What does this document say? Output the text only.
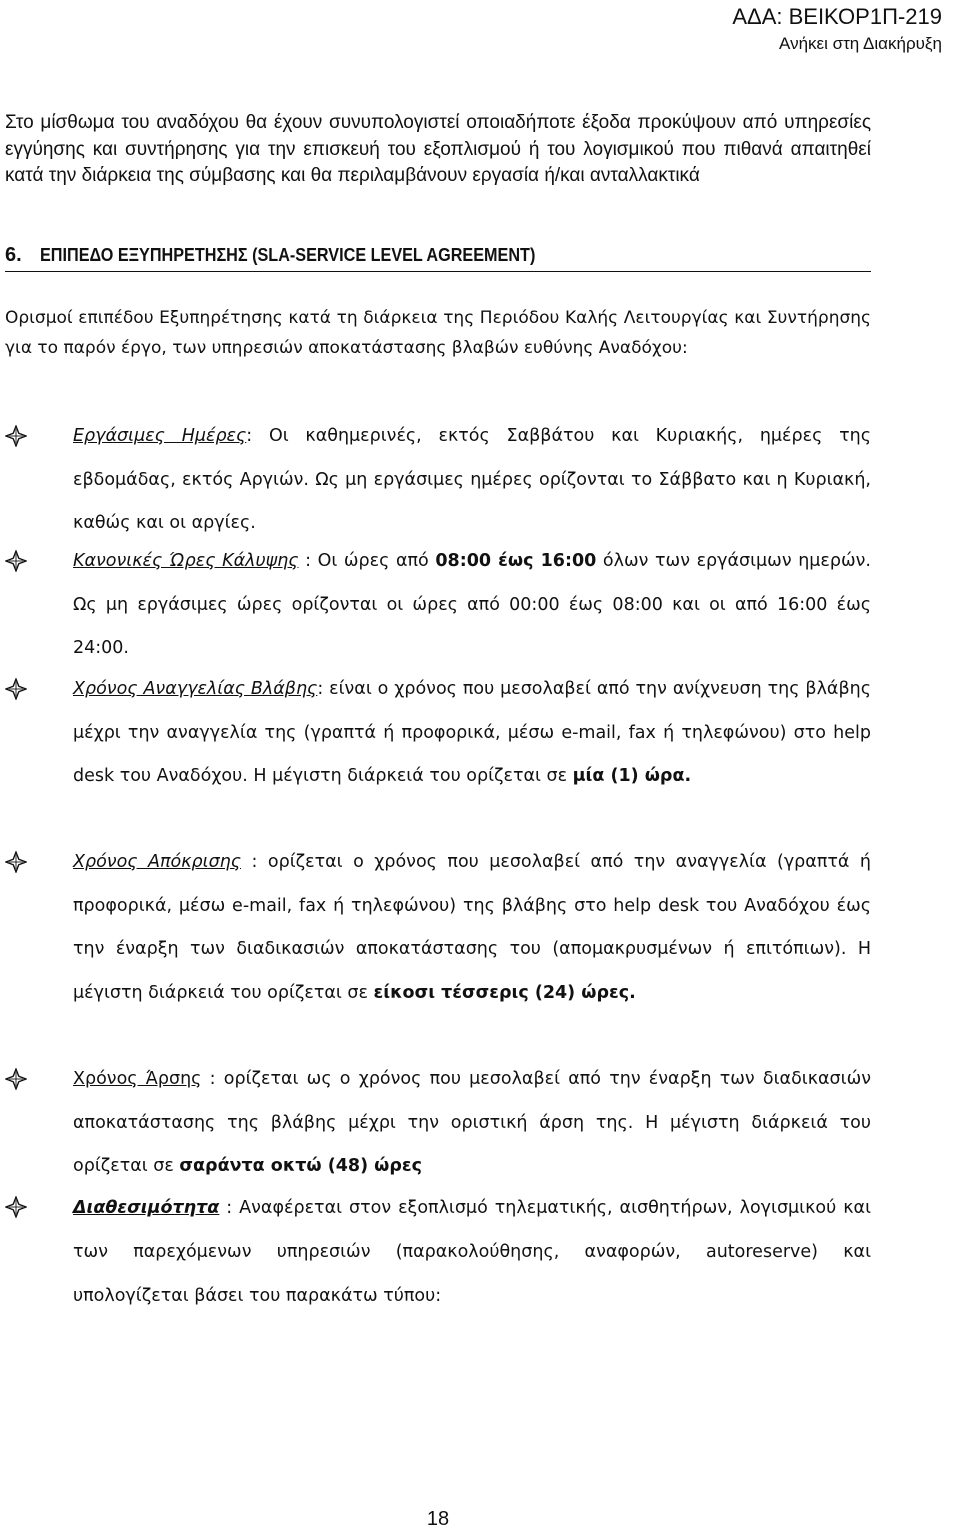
ΑΔΑ: ΒΕΙΚΟΡ1Π-219
Ανήκει στη Διακήρυξη
Στο μίσθωμα του αναδόχου θα έχουν συνυπολογιστεί οποιαδήποτε έξοδα προκύψουν από υπηρεσίες εγγύησης και συντήρησης για την επισκευή του εξοπλισμού ή του λογισμικού που πιθανά απαιτηθεί κατά την διάρκεια της σύμβασης και θα περιλαμβάνουν εργασία ή/και ανταλλακτικά
6. ΕΠΙΠΕΔΟ ΕΞΥΠΗΡΕΤΗΣΗΣ (SLA-SERVICE LEVEL AGREEMENT)
Ορισμοί επιπέδου Εξυπηρέτησης κατά τη διάρκεια της Περιόδου Καλής Λειτουργίας και Συντήρησης για το παρόν έργο, των υπηρεσιών αποκατάστασης βλαβών ευθύνης Αναδόχου:
Εργάσιμες Ημέρες: Οι καθημερινές, εκτός Σαββάτου και Κυριακής, ημέρες της εβδομάδας, εκτός Αργιών. Ως μη εργάσιμες ημέρες ορίζονται το Σάββατο και η Κυριακή, καθώς και οι αργίες.
Κανονικές Ώρες Κάλυψης : Οι ώρες από 08:00 έως 16:00 όλων των εργάσιμων ημερών. Ως μη εργάσιμες ώρες ορίζονται οι ώρες από 00:00 έως 08:00 και οι από 16:00 έως 24:00.
Χρόνος Αναγγελίας Βλάβης: είναι ο χρόνος που μεσολαβεί από την ανίχνευση της βλάβης μέχρι την αναγγελία της (γραπτά ή προφορικά, μέσω e-mail, fax ή τηλεφώνου) στο help desk του Αναδόχου. Η μέγιστη διάρκειά του ορίζεται σε μία (1) ώρα.
Χρόνος Απόκρισης : ορίζεται ο χρόνος που μεσολαβεί από την αναγγελία (γραπτά ή προφορικά, μέσω e-mail, fax ή τηλεφώνου) της βλάβης στο help desk του Αναδόχου έως την έναρξη των διαδικασιών αποκατάστασης του (απομακρυσμένων ή επιτόπιων). Η μέγιστη διάρκειά του ορίζεται σε είκοσι τέσσερις (24) ώρες.
Χρόνος Άρσης : ορίζεται ως ο χρόνος που μεσολαβεί από την έναρξη των διαδικασιών αποκατάστασης της βλάβης μέχρι την οριστική άρση της. Η μέγιστη διάρκειά του ορίζεται σε σαράντα οκτώ (48) ώρες
Διαθεσιμότητα : Αναφέρεται στον εξοπλισμό τηλεματικής, αισθητήρων, λογισμικού και των παρεχόμενων υπηρεσιών (παρακολούθησης, αναφορών, autoreserve) και υπολογίζεται βάσει του παρακάτω τύπου:
18
